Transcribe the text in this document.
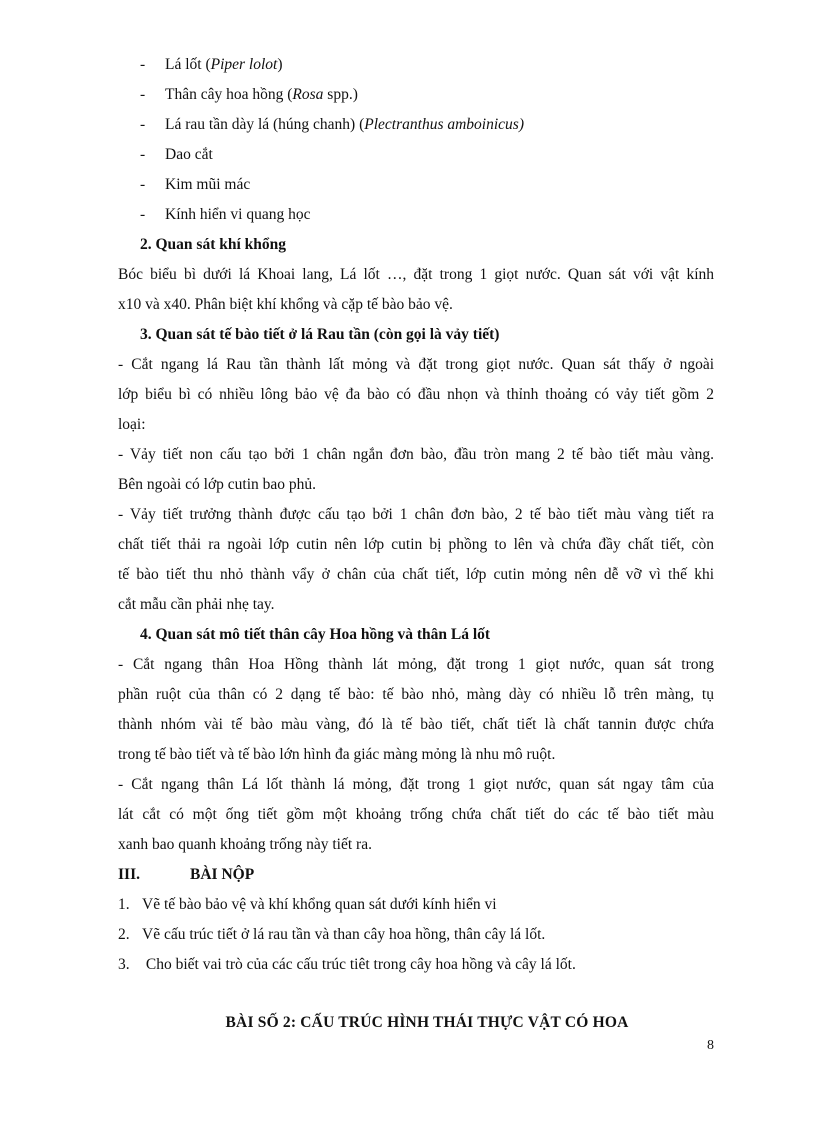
- Lá lốt (Piper lolot)
- Thân cây hoa hồng (Rosa spp.)
- Lá rau tần dày lá (húng chanh) (Plectranthus amboinicus)
- Dao cắt
- Kim mũi mác
- Kính hiển vi quang học
2. Quan sát khí khổng
Bóc biểu bì dưới lá Khoai lang, Lá lốt …, đặt trong 1 giọt nước. Quan sát với vật kính
x10 và x40. Phân biệt khí khổng và cặp tế bào bảo vệ.
3. Quan sát tế bào tiết ở lá Rau tần (còn gọi là vảy tiết)
- Cắt ngang lá Rau tần thành lất mỏng và đặt trong giọt nước. Quan sát thấy ở ngoài
lớp biểu bì có nhiều lông bảo vệ đa bào có đầu nhọn và thỉnh thoảng có vảy tiết gồm 2
loại:
- Vảy tiết non cấu tạo bởi 1 chân ngắn đơn bào, đầu tròn mang 2 tế bào tiết màu vàng.
Bên ngoài có lớp cutin bao phủ.
- Vảy tiết trưởng thành được cấu tạo bởi 1 chân đơn bào, 2 tế bào tiết màu vàng tiết ra
chất tiết thải ra ngoài lớp cutin nên lớp cutin bị phồng to lên và chứa đầy chất tiết, còn
tế bào tiết thu nhỏ thành vẩy ở chân của chất tiết, lớp cutin mỏng nên dễ vỡ vì thế khi
cắt mẫu cần phải nhẹ tay.
4. Quan sát mô tiết thân cây Hoa hồng và thân Lá lốt
- Cắt ngang thân Hoa Hồng thành lát mỏng, đặt trong 1 giọt nước, quan sát trong
phần ruột của thân có 2 dạng tế bào: tế bào nhỏ, màng dày có nhiều lỗ trên màng, tụ
thành nhóm vài tế bào màu vàng, đó là tế bào tiết, chất tiết là chất tannin được chứa
trong tế bào tiết và tế bào lớn hình đa giác màng mỏng là nhu mô ruột.
- Cắt ngang thân Lá lốt thành lá mỏng, đặt trong 1 giọt nước, quan sát ngay tâm của
lát cắt có một ống tiết gồm một khoảng trống chứa chất tiết do các tế bào tiết màu
xanh bao quanh khoảng trống này tiết ra.
III.	BÀI NỘP
1. Vẽ tế bào bảo vệ và khí khổng quan sát dưới kính hiển vi
2. Vẽ cấu trúc tiết ở lá rau tần và than cây hoa hồng, thân cây lá lốt.
3. Cho biết vai trò của các cấu trúc tiêt trong cây hoa hồng và cây lá lốt.
BÀI SỐ 2: CẤU TRÚC HÌNH THÁI THỰC VẬT CÓ HOA
8
